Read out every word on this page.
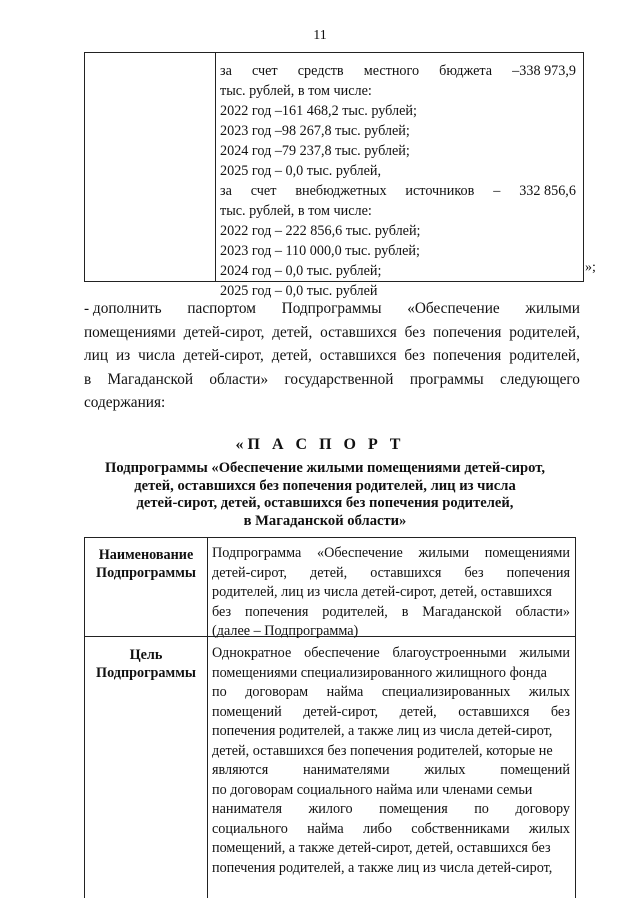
11
за счет средств местного бюджета –338 973,9
тыс. рублей, в том числе:
2022 год –161 468,2 тыс. рублей;
2023 год –98 267,8 тыс. рублей;
2024 год –79 237,8 тыс. рублей;
2025 год – 0,0 тыс. рублей,
за счет внебюджетных источников – 332 856,6
тыс. рублей, в том числе:
2022 год – 222 856,6 тыс. рублей;
2023 год – 110 000,0 тыс. рублей;
2024 год – 0,0 тыс. рублей;
2025 год – 0,0 тыс. рублей
»;
- дополнить паспортом Подпрограммы «Обеспечение жилыми
помещениями детей-сирот, детей, оставшихся без попечения родителей,
лиц из числа детей-сирот, детей, оставшихся без попечения родителей,
в Магаданской области» государственной программы следующего
содержания:
«П А С П О Р Т
Подпрограммы «Обеспечение жилыми помещениями детей-сирот,
детей, оставшихся без попечения родителей, лиц из числа
детей-сирот, детей, оставшихся без попечения родителей,
в Магаданской области»
Наименование
Подпрограммы
Подпрограмма «Обеспечение жилыми помещениями
детей-сирот, детей, оставшихся без попечения
родителей, лиц из числа детей-сирот, детей, оставшихся
без попечения родителей, в Магаданской области»
(далее – Подпрограмма)
Цель
Подпрограммы
Однократное обеспечение благоустроенными жилыми
помещениями специализированного жилищного фонда
по договорам найма специализированных жилых
помещений детей-сирот, детей, оставшихся без
попечения родителей, а также лиц из числа детей-сирот,
детей, оставшихся без попечения родителей, которые не
являются нанимателями жилых помещений
по договорам социального найма или членами семьи
нанимателя жилого помещения по договору
социального найма либо собственниками жилых
помещений, а также детей-сирот, детей, оставшихся без
попечения родителей, а также лиц из числа детей-сирот,
